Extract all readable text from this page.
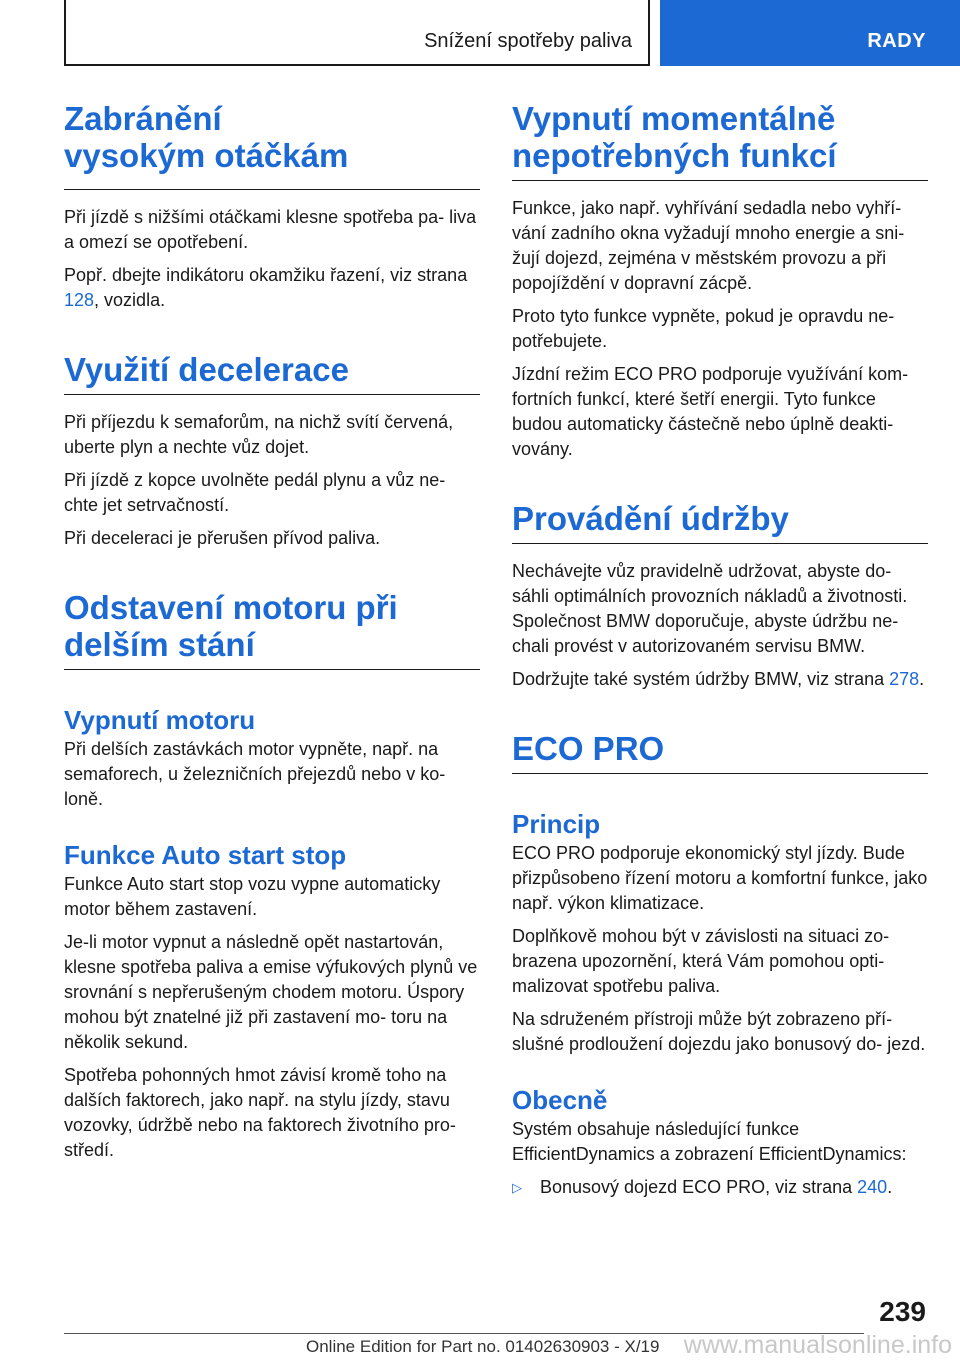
Snížení spotřeby paliva	RADY
Zabránění vysokým otáčkám

Při jízdě s nižšími otáčkami klesne spotřeba pa- liva a omezí se opotřebení.

Popř. dbejte indikátoru okamžiku řazení, viz strana 128, vozidla.

Využití decelerace

Při příjezdu k semaforům, na nichž svítí červená, uberte plyn a nechte vůz dojet.

Při jízdě z kopce uvolněte pedál plynu a vůz ne- chte jet setrvačností.

Při deceleraci je přerušen přívod paliva.

Odstavení motoru při delším stání
Vypnutí motoru

Při delších zastávkách motor vypněte, např. na semaforech, u železničních přejezdů nebo v ko- loně.

Funkce Auto start stop

Funkce Auto start stop vozu vypne automaticky motor během zastavení.

Je-li motor vypnut a následně opět nastartován, klesne spotřeba paliva a emise výfukových plynů ve srovnání s nepřerušeným chodem motoru. Úspory mohou být znatelné již při zastavení mo- toru na několik sekund.

Spotřeba pohonných hmot závisí kromě toho na dalších faktorech, jako např. na stylu jízdy, stavu vozovky, údržbě nebo na faktorech životního pro- středí.

Vypnutí momentálně nepotřebných funkcí

Funkce, jako např. vyhřívání sedadla nebo vyhří- vání zadního okna vyžadují mnoho energie a sni- žují dojezd, zejména v městském provozu a při popojíždění v dopravní zácpě.

Proto tyto funkce vypněte, pokud je opravdu ne- potřebujete.

Jízdní režim ECO PRO podporuje využívání kom- fortních funkcí, které šetří energii. Tyto funkce budou automaticky částečně nebo úplně deakti- vovány.

Provádění údržby

Nechávejte vůz pravidelně udržovat, abyste do- sáhli optimálních provozních nákladů a životnosti. Společnost BMW doporučuje, abyste údržbu ne- chali provést v autorizovaném servisu BMW.

Dodržujte také systém údržby BMW, viz strana 278.

ECO PRO
Princip

ECO PRO podporuje ekonomický styl jízdy. Bude přizpůsobeno řízení motoru a komfortní funkce, jako např. výkon klimatizace.

Doplňkově mohou být v závislosti na situaci zo- brazena upozornění, která Vám pomohou opti- malizovat spotřebu paliva.

Na sdruženém přístroji může být zobrazeno pří- slušné prodloužení dojezdu jako bonusový do- jezd.

Obecně

Systém obsahuje následující funkce EfficientDynamics a zobrazení EfficientDynamics:

▷	Bonusový dojezd ECO PRO, viz strana 240.
239
Online Edition for Part no. 01402630903 - X/19 www.manualsonline.info
